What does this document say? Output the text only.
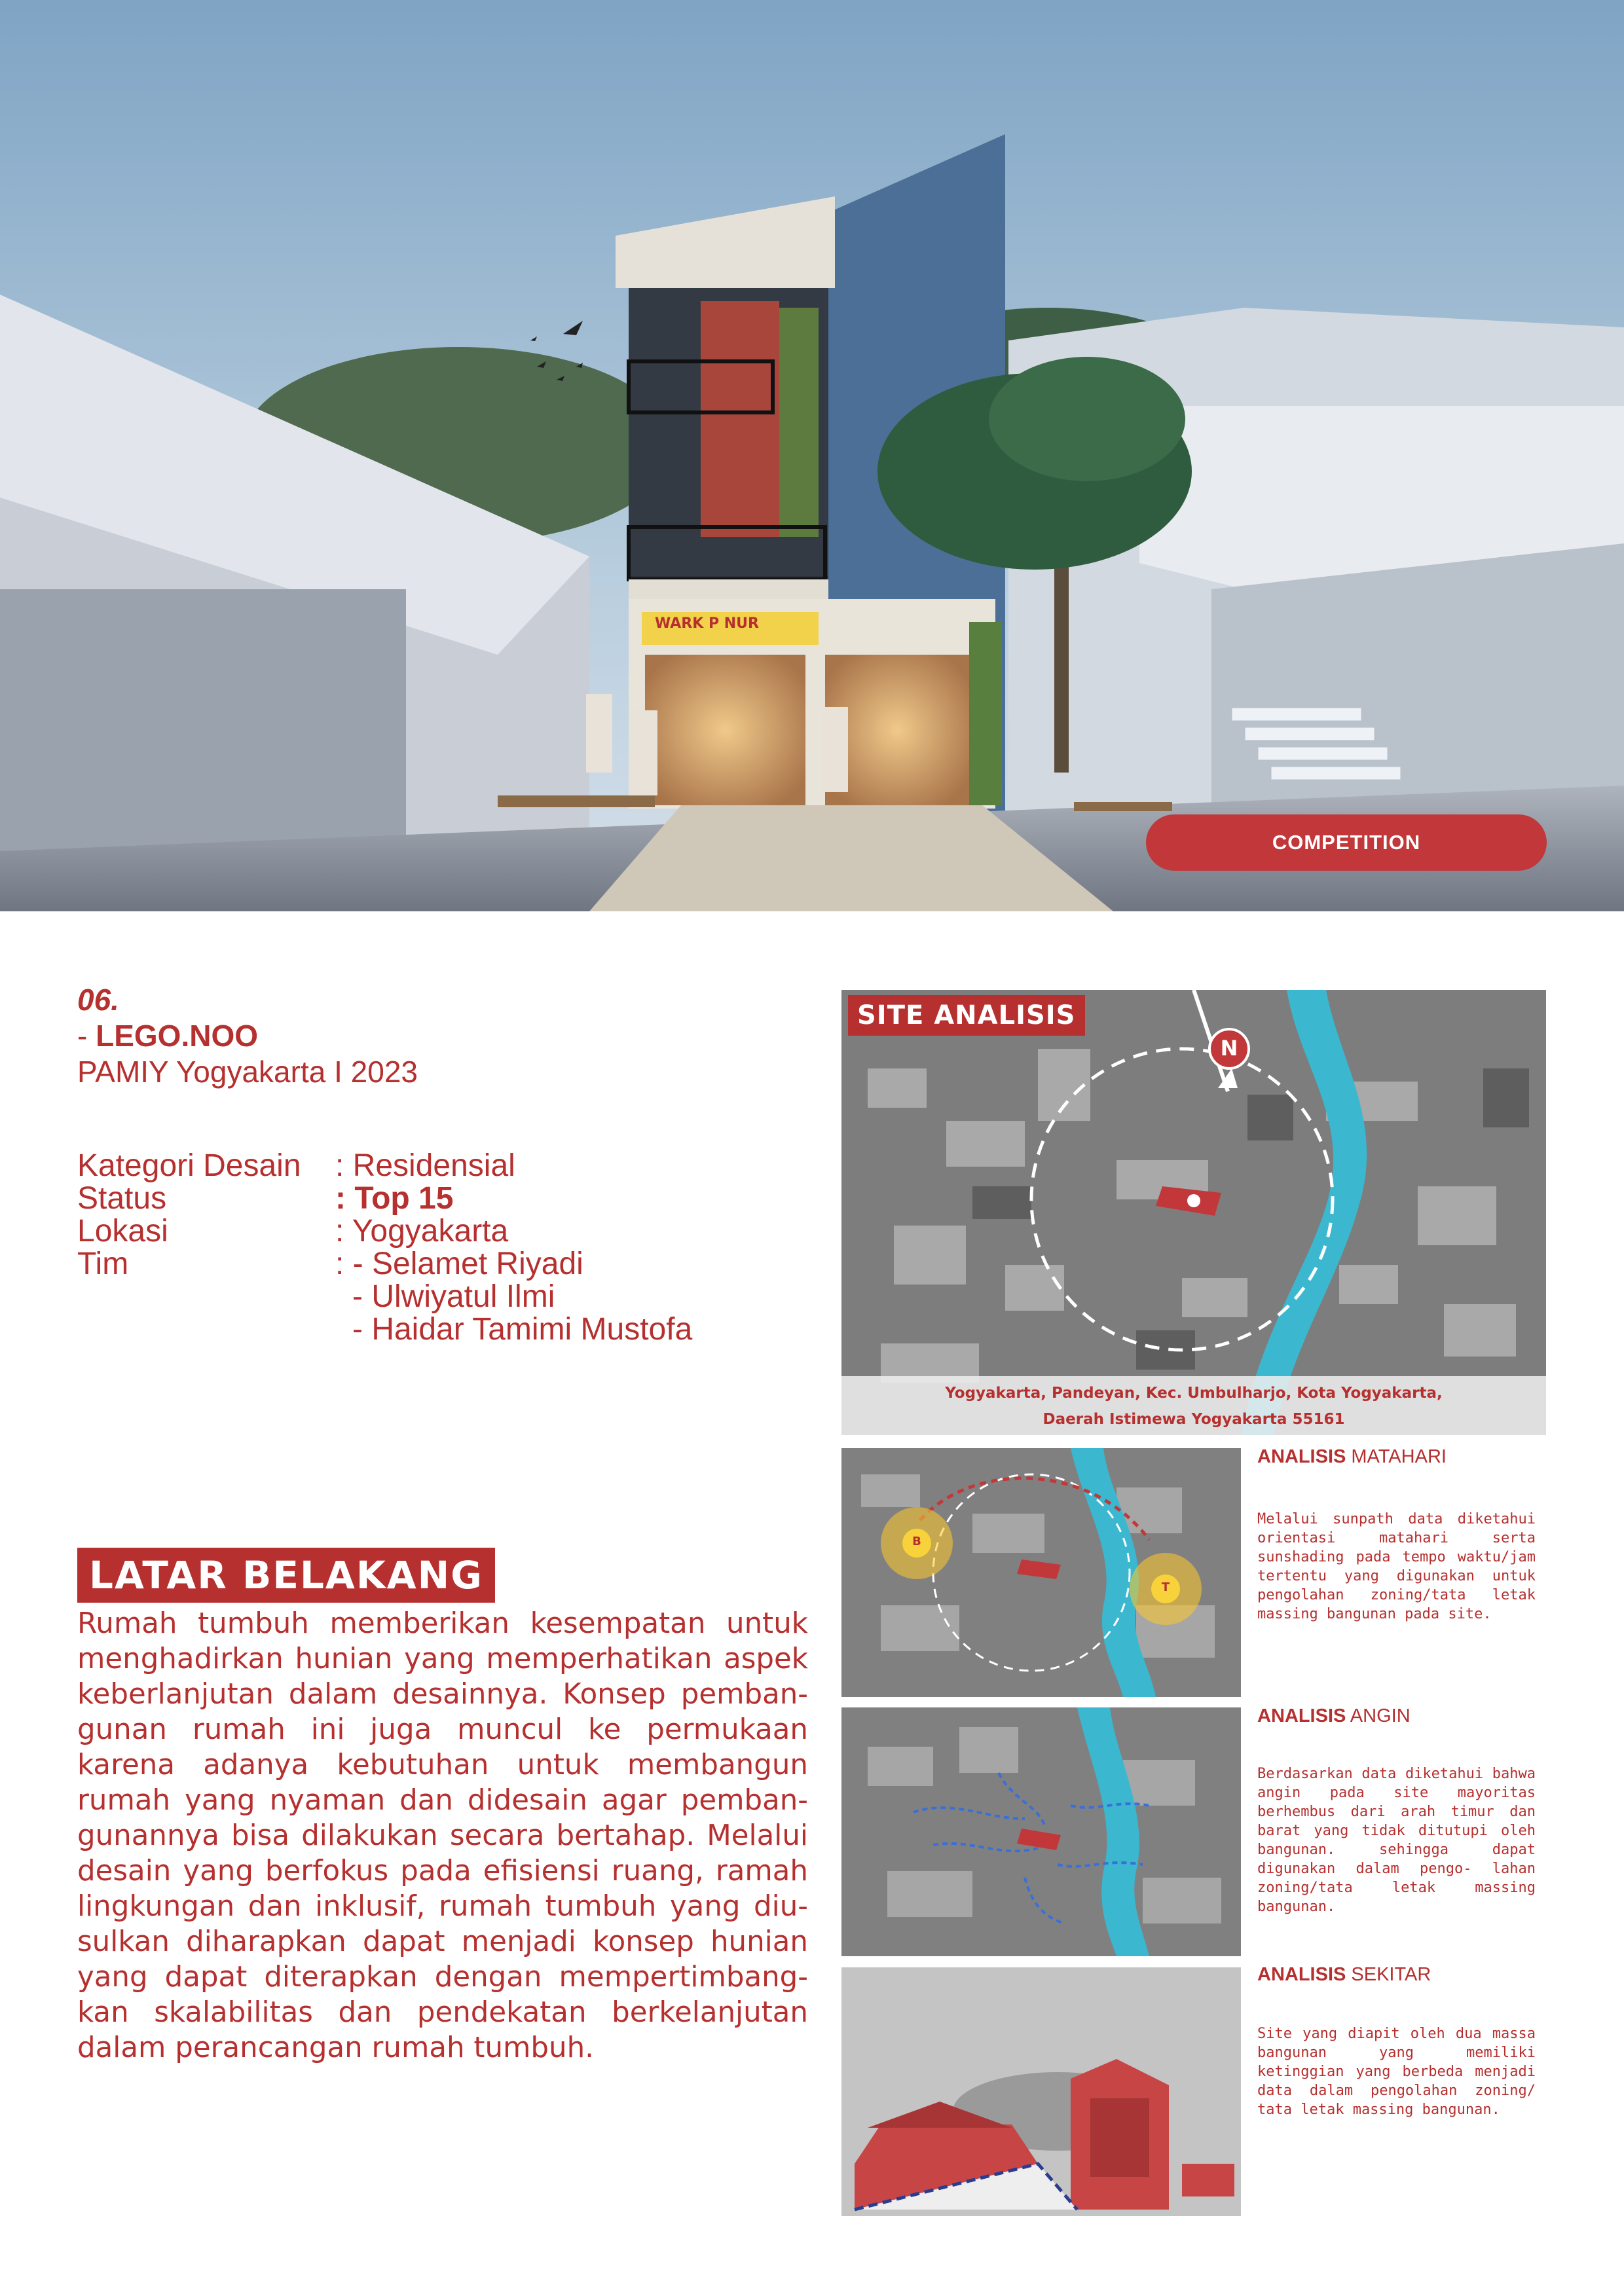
WARK P NUR
COMPETITION
06.
- LEGO.NOO
PAMIY Yogyakarta I 2023
Kategori Desain : Residensial
Status	: Top 15
Lokasi	: Yogyakarta
Tim	: - Selamet Riyadi
- Ulwiyatul Ilmi
- Haidar Tamimi Mustofa
LATAR BELAKANG

Rumah tumbuh memberikan kesempatan untuk menghadirkan hunian yang memperhatikan aspek keberlanjutan dalam desainnya. Konsep pemban-gunan rumah ini juga muncul ke permukaan karena adanya kebutuhan untuk membangun rumah yang nyaman dan didesain agar pemban-gunannya bisa dilakukan secara bertahap. Melalui desain yang berfokus pada efisiensi ruang, ramah lingkungan dan inklusif, rumah tumbuh yang diu-sulkan diharapkan dapat menjadi konsep hunian yang dapat diterapkan dengan mempertimbang-kan skalabilitas dan pendekatan berkelanjutan dalam perancangan rumah tumbuh.

N
SITE ANALISIS
Yogyakarta, Pandeyan, Kec. Umbulharjo, Kota Yogyakarta,
Daerah Istimewa Yogyakarta 55161
B
T
ANALISIS MATAHARI

Melalui sunpath data diketahui orientasi matahari serta sunshading pada tempo waktu/jam tertentu yang digunakan untuk pengolahan zoning/tata letak massing bangunan pada site.

ANALISIS ANGIN

Berdasarkan data diketahui bahwa angin pada site mayoritas berhembus dari arah timur dan barat yang tidak ditutupi oleh bangunan. sehingga dapat digunakan dalam pengo- lahan zoning/tata letak massing bangunan.

ANALISIS SEKITAR

Site yang diapit oleh dua massa bangunan yang memiliki ketinggian yang berbeda menjadi data dalam pengolahan zoning/ tata letak massing bangunan.
